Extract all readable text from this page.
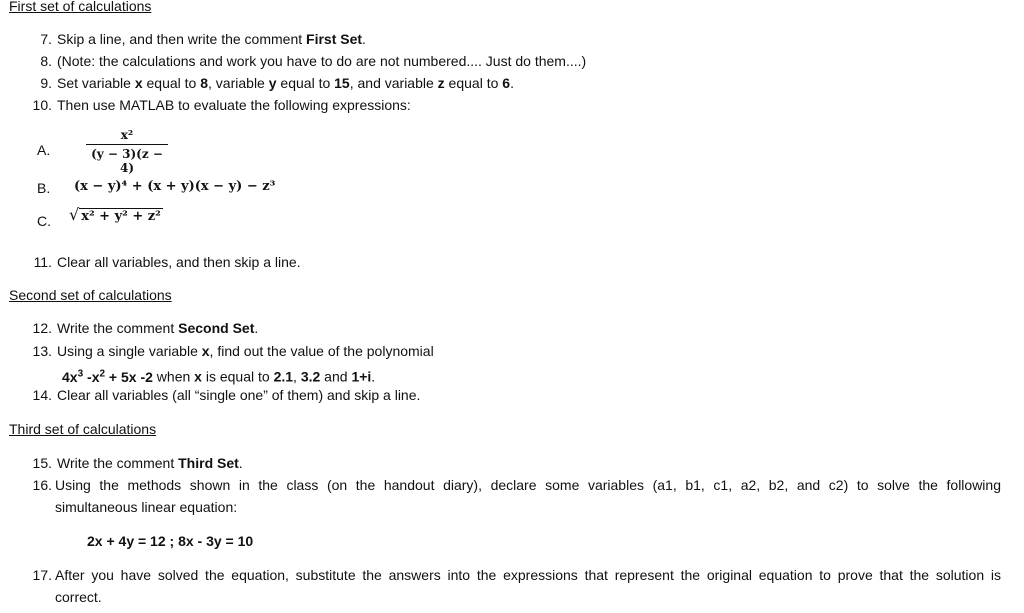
First set of calculations
7. Skip a line, and then write the comment First Set.
8. (Note: the calculations and work you have to do are not numbered.... Just do them....)
9. Set variable x equal to 8, variable y equal to 15, and variable z equal to 6.
10. Then use MATLAB to evaluate the following expressions:
A.
x²
(y − 3)(z − 4)
B. (x − y)⁴ + (x + y)(x − y) − z³
C. √ x² + y² + z²
11. Clear all variables, and then skip a line.
Second set of calculations
12. Write the comment Second Set.
13. Using a single variable x, find out the value of the polynomial
$4x^3$ $-x^2 + 5x$ -2 when x is equal to 2.1, 3.2 and 1+i.
14. Clear all variables (all “single one” of them) and skip a line.
Third set of calculations
15. Write the comment Third Set.
16. Using the methods shown in the class (on the handout diary), declare some variables (a1, b1, c1, a2, b2, and c2) to solve the following
simultaneous linear equation:
2x + 4y = 12 ; 8x - 3y = 10
17. After you have solved the equation, substitute the answers into the expressions that represent the original equation to prove that the solution is
correct.
